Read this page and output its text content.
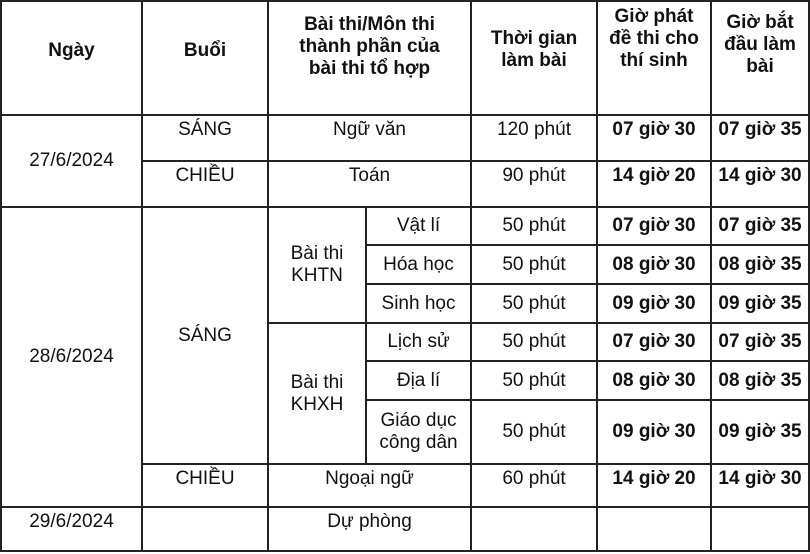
Ngày	Buổi	Bài thi/Môn thi thành phần của bài thi tổ hợp		Thời gian làm bài	Giờ phát đề thi cho thí sinh	Giờ bắt đầu làm bài
27/6/2024	SÁNG	Ngữ văn		120 phút	07 giờ 30	07 giờ 35
	CHIỀU	Toán		90 phút	14 giờ 20	14 giờ 30
28/6/2024	SÁNG	Bài thi KHTN	Vật lí	50 phút	07 giờ 30	07 giờ 35
			Hóa học	50 phút	08 giờ 30	08 giờ 35
			Sinh học	50 phút	09 giờ 30	09 giờ 35
		Bài thi KHXH	Lịch sử	50 phút	07 giờ 30	07 giờ 35
			Địa lí	50 phút	08 giờ 30	08 giờ 35
			Giáo dục công dân	50 phút	09 giờ 30	09 giờ 35
	CHIỀU	Ngoại ngữ		60 phút	14 giờ 20	14 giờ 30
29/6/2024		Dự phòng				
